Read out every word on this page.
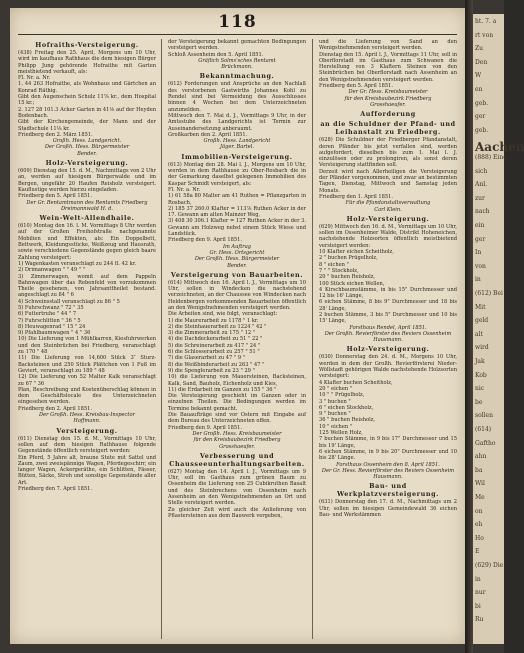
118
Hofraiths-Versteigerung.
(438) Freitag den 25. April, Morgens um 10 Uhr, wird im kaufhaus Rathhaus die dem hiesigen Bürger Philipp Jung gehörende Hofraithe mit Garten meistbietend verkauft, als:
Fl. Nr. a. Nr.
1. 44 263 Hofraithe, als Wohnhaus und Gärtchen an Konrad Räthig.
Gibt den Augenschein Schulz 11⅞ kr., dem Hospital 15 kr.;
2. 127 28 101.3 Acker Garten in 41⅛ auf der Heyden Bodenbach.
Gibt der Kirchengemeinde, der Mann und der Stadtschule 11⅛ kr.
Friedberg den 2. März 1851.
Großh. Hess. Landgericht.
Der Großh. Hess. Bürgermeister
Bender.
Holz-Versteigerung.
(609) Dienstag den 15. d. M., Nachmittags von 2 Uhr an, werden auf hiesigem Bürgerwalde und im Bergen, ungefähr 20 Haufen Reisholz versteigert. Kauflustige werden hierzu eingeladen.
Friedberg den 5. April 1851.
Der Gr. Rentamtmann des Rentamts Friedberg
Dreimannwald H. d.
Wein-Welt-Allendhaile.
(610) Montag den 16. l. M. Vormittags 8 Uhr werden auf der Großen Freihofstraße nachgenannte Mobilien und Effekten, als: Ein Doppelbett, Bettwerk, Kleidungsstücke, Weißzeug und Hausrath, sowie verschiedene Gegenstände gegen gleich baare Zahlung versteigert:
1) Wagenkasten veranschlagt zu 244 fl. 42 kr.
2) Drimanwagen " " 49 " "
3) Zimmerwagen, womit auf dem Pappeln Bahnwagen über das Rebenfeld von vorzukommen Theile gesehenen, von Jahrsanttheilet bestand. angeschlagt zu 84 " 6
4) Schweinsstall veranschlagt zu 86 " 5
5) Fuhrschwanz " 72 " 35
6) Futtertruhe " 44 " 7
7) Fuhrschlitten " 36 " 5
8) Heuwagenrad " 15 " 24
9) Pfahlbaumwagen " 4 " 36
10) Die Lieferung von 1 Mühlkarren, Kiesfuhrwerken und den Steinbrüchen bei Friedberg, veranschlagt zu 170 " 48
11) Die Lieferung von 14,600 Stück 3″ Sturz-Backsteinen und 250 Stück Plättchen von 1 Fuß im Geviert, veranschlagt zu 189 " 48
12) Die Lieferung von 52 Malter Kalk veranschlagt zu 67 " 36
Plan, Beschreibung und Kostenüberschlag können in dem Geschäftslocale des Unterzeichneten eingesehen werden.
Friedberg den 2. April 1851.
Der Großh. Hess. Kreisbau-Inspector
Hoffmann.
Versteigerung.
(611) Dienstag den 15. d. M., Vormittags 10 Uhr, sollen auf dem hiesigen Rathhause folgende Gegenstände öffentlich versteigert werden:
Ein Pferd, 5 Jahre alt, braune Stute mit Sattel und Zaum, zwei zweispännige Wagen, Pferdegeschirr, ein langer Wagen, Ackergeräthe, ein Schlitten, Fässer, Bütten, Säcke, Stroh und sonstige Gegenstände aller Art.
Friedberg den 7. April 1851.
der Versteigerung bekannt gemachten Bedingungen versteigert werden.
Schloß Assenheim den 5. April 1851.
Gräflich Solms'sches Rentamt
Brückmann.
Bekanntmachung.
(612) Forderungen und Ansprüche an den Nachlaß des verstorbenen Gastwirths Johannes Kohl zu Rendel sind bei Vermeidung des Ausschlusses binnen 4 Wochen bei dem Unterzeichneten anzumelden.
Mittwoch den 7. Mai d. J., Vormittags 9 Uhr, in der Amtsstube des Landgerichts ist Termin zur Auseinandersetzung anberaumt.
Großkarben den 2. April 1851.
Großh. Hess. Landgericht
Jäger. Bartel.
Immobilien-Versteigerung.
(613) Montag den 28. Mai l. J., Morgens um 10 Uhr, werden in dem Rathhause zu Ober-Rosbach die in der Gemarkung daselbst gelegenen Immobilien des Kaspar Schmidt versteigert, als:
Fl. Nr. a. Nr.
1) 61 58a 80 Malter am 41 Ruthen = Pflanzgarten in Rosbach,
2) 185 37 260.0 Klafter = 113⅞ Ruthen Acker in der 17. Gewann am alten Mainzer Weg,
3) 408 30 306.1 Klafter = 127 Ruthen Acker in der 3. Gewann am Holzweg nebst einem Stück Wiese und Landstück.
Friedberg den 9. April 1851.
Im Auftrag
Gr. Hess. Ortsgericht
Der Großh. Hess. Bürgermeister
Bender.
Versteigerung von Bauarbeiten.
(614) Mittwoch den 16. April l. J., Vormittags um 10 Uhr, sollen in Windecken die nachstehend verzeichneten, an der Chaussee von Windecken nach Heldenbergen vorkommenden Bauarbeiten öffentlich an den Wenigstnehmenden versteigert werden.
Die Arbeiten sind, wie folgt, veranschlagt:
1) die Maurerarbeit zu 1178 " 1 kr.
2) die Steinhauerarbeit zu 1224 " 42 "
3) die Zimmerarbeit zu 175 " 12 "
4) die Dachdeckerarbeit zu 51 " 22 "
5) die Schreinerarbeit zu 417 " 24 "
6) die Schlosserarbeit zu 257 " 51 "
7) die Glaserarbeit zu 47 " 9 "
8) die Weißbinderarbeit zu 263 " 47 "
9) die Spenglerarbeit zu 23 " 29 "
10) die Lieferung von Mauersteinen, Backsteinen, Kalk, Sand, Bauholz, Eichenholz und Kies,
11) die Erdarbeit im Ganzen zu 155 " 36 "
Die Versteigerung geschieht im Ganzen oder in einzelnen Theilen. Die Bedingungen werden im Termine bekannt gemacht.
Die Bauaufträge sind vor Ostern mit Eingabe auf dem Bureau des Unterzeichneten offen.
Friedberg den 9. April 1851.
Der Großh. Hess. Kreisbaumeister
für den Kreisbaubezirk Friedberg
Grosshaeufer.
Verbesserung und Chausseeunterhaltungsarbeiten.
(627) Montag den 14. April l. J., Vormittags um 9 Uhr, soll im Gasthaus zum grünen Baum zu Ossenheim die Lieferung von 25 Cubikruthen Basalt und des Steinbrechens von Ossenheim nach Assenheim an den Wenigstnehmenden an Ort und Stelle versteigert werden.
Zu gleicher Zeit wird auch die Anlieferung von Pflastersteinen aus dem Bauwerk vergeben,
und die Lieferung von Sand an den Wenigstnehmenden versteigert werden.
Dienstag den 15. April l. J., Vormittags 11 Uhr, soll in Oberflorstadt im Gasthaus zum Schwanen die Herstellung von 3 Klaftern Steinen von den Steinbrüchen bei Oberflorstadt nach Assenheim an den Wenigstnehmenden versteigert werden.
Friedberg den 5. April 1851.
Der Gr. Hess. Kreisbaumeister
für den Kreisbaubezirk Friedberg
Grosshaeufer.
Aufforderung
an die Schuldner der Pfand- und Leihanstalt zu Friedberg.
(628) Die Schuldner der Friedberger Pfandanstalt, deren Pfänder bis jetzt verfallen sind, werden aufgefordert, dieselben bis zum 1. Mai l. J. einzulösen oder zu prolongiren, als sonst deren Versteigerung stattfinden soll.
Derzeit wird nach Allerheiligen die Versteigerung der Pfänder vorgenommen, und zwar an bestimmten Tagen, Dienstag, Mittwoch und Samstag jeden Monats.
Friedberg den 1. April 1851.
Für die Pfandanstaltsverwaltung
Carl Klein.
Holz-Versteigerung.
(629) Mittwoch den 16. d. M., Vormittags um 10 Uhr, sollen im Ossenheimer Walde, Distrikt Hoheneichen, nachstehende Holzsorten öffentlich meistbietend versteigert werden:
10 Klafter eichen Scheitholz,
2 " buchen Prügelholz,
8 " eichen "
7 " " Stockholz,
20 " buchen Reisholz,
100 Stück eichen Wellen,
4 Kirschbaumstämme, in bis 15" Durchmesser und 12 bis 16' Länge,
6 eichen Stämme, 8 bis 9" Durchmesser und 18 bis 28' Länge,
2 buchen Stämme, 3 bis 5" Durchmesser und 10 bis 15' Länge,
Forsthaus Rendel, April 1851.
Der Großh. Revierförster des Reviers Ossenheim
Hausmann.
Holz-Versteigerung.
(630) Donnerstag den 24. d. M., Morgens 10 Uhr, werden in dem der Großh. Revierförsterei Nieder-Wöllstadt gehörigen Walde nachstehende Holzsorten versteigert:
4 Klafter buchen Scheitholz,
20 " eichen "
10 " " Prügelholz,
3 " buchen "
6 " eichen Stockholz,
9 " buchen "
36 " buchen Reisholz,
10 " eichen "
125 Wellen Holz,
7 buchen Stämme, in 9 bis 17" Durchmesser und 15 bis 19' Länge,
6 eichen Stämme, in 9 bis 20" Durchmesser und 10 bis 28' Länge.
Forsthaus Ossenheim den 8. April 1851.
Der Gr. Hess. Revierförster des Reviers Ossenheim
Hausmann.
Bau- und Werkplatzversteigerung.
(631) Donnerstag den 17. d. M., Nachmittags um 2 Uhr, sollen im hiesigen Gemeindewald 36 eichen Bau- und Werkstämmen
ht. 7. a
rt von
Zu
Den
W
en
geb.
ger
geb.
Aachen
(888) Eine
sich
Anl.
zur
nach
ein
ger
In
von
in
(612) Bei
Mit
geld
alt
wird
Jak
Kob
nic
be
sollen
(614)
Gaftho
ahn
ba
Wil
Me
on
eh
Ho
E
(629) Die
in
nur
bi
Ru
